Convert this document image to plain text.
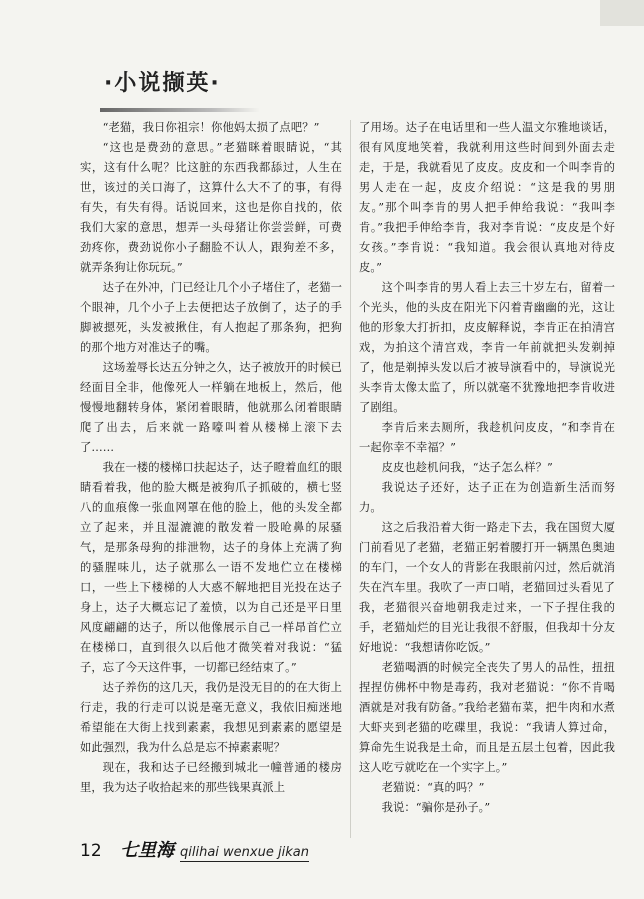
·小说撷英·

“老猫，我日你祖宗！你他妈太损了点吧？”

“这也是费劲的意思。”老猫眯着眼睛说，“其实，这有什么呢？比这脏的东西我都舔过，人生在世，该过的关口海了，这算什么大不了的事，有得有失，有失有得。话说回来，这也是你自找的，依我们大家的意思，想弄一头母猪让你尝尝鲜，可费劲疼你，费劲说你小子翻脸不认人，跟狗差不多，就弄条狗让你玩玩。”

达子在外冲，门已经让几个小子堵住了，老猫一个眼神，几个小子上去便把达子放倒了，达子的手脚被摁死，头发被揪住，有人抱起了那条狗，把狗的那个地方对准达子的嘴。

这场羞辱长达五分钟之久，达子被放开的时候已经面目全非，他像死人一样躺在地板上，然后，他慢慢地翻转身体，紧闭着眼睛，他就那么闭着眼睛爬了出去，后来就一路嚎叫着从楼梯上滚下去了……

我在一楼的楼梯口扶起达子，达子瞪着血红的眼睛看着我，他的脸大概是被狗爪子抓破的，横七竖八的血痕像一张血网罩在他的脸上，他的头发全都立了起来，并且湿漉漉的散发着一股呛鼻的尿骚气，是那条母狗的排泄物，达子的身体上充满了狗的骚腥味儿，达子就那么一语不发地伫立在楼梯口，一些上下楼梯的人大惑不解地把目光投在达子身上，达子大概忘记了羞愤，以为自己还是平日里风度翩翩的达子，所以他像展示自己一样昂首伫立在楼梯口，直到很久以后他才微笑着对我说：“猛子，忘了今天这件事，一切都已经结束了。”

达子养伤的这几天，我仍是没无目的的在大街上行走，我的行走可以说是毫无意义，我依旧痴迷地希望能在大街上找到素素，我想见到素素的愿望是如此强烈，我为什么总是忘不掉素素呢？

现在，我和达子已经搬到城北一幢普通的楼房里，我为达子收拾起来的那些钱果真派上

了用场。达子在电话里和一些人温文尔雅地谈话，很有风度地笑着，我就利用这些时间到外面去走走，于是，我就看见了皮皮。皮皮和一个叫李肯的男人走在一起，皮皮介绍说：“这是我的男朋友。”那个叫李肯的男人把手伸给我说：“我叫李肯。”我把手伸给李肯，我对李肯说：“皮皮是个好女孩。”李肯说：“我知道。我会很认真地对待皮皮。”

这个叫李肯的男人看上去三十岁左右，留着一个光头，他的头皮在阳光下闪着青幽幽的光，这让他的形象大打折扣，皮皮解释说，李肯正在拍清宫戏，为拍这个清宫戏，李肯一年前就把头发剃掉了，他是剃掉头发以后才被导演看中的，导演说光头李肯太像太监了，所以就毫不犹豫地把李肯收进了剧组。

李肯后来去厕所，我趁机问皮皮，“和李肯在一起你幸不幸福？”

皮皮也趁机问我，“达子怎么样？”

我说达子还好，达子正在为创造新生活而努力。

这之后我沿着大街一路走下去，我在国贸大厦门前看见了老猫，老猫正躬着腰打开一辆黑色奥迪的车门，一个女人的背影在我眼前闪过，然后就消失在汽车里。我吹了一声口哨，老猫回过头看见了我，老猫很兴奋地朝我走过来，一下子捏住我的手，老猫灿烂的目光让我很不舒服，但我却十分友好地说：“我想请你吃饭。”

老猫喝酒的时候完全丧失了男人的品性，扭扭捏捏仿佛杯中物是毒药，我对老猫说：“你不肯喝酒就是对我有防备。”我给老猫布菜，把牛肉和水煮大虾夹到老猫的吃碟里，我说：“我请人算过命，算命先生说我是土命，而且是五层土包着，因此我这人吃亏就吃在一个实字上。”

老猫说：“真的吗？”

我说：“骗你是孙子。”

12	七里海 qilihai wenxue jikan
